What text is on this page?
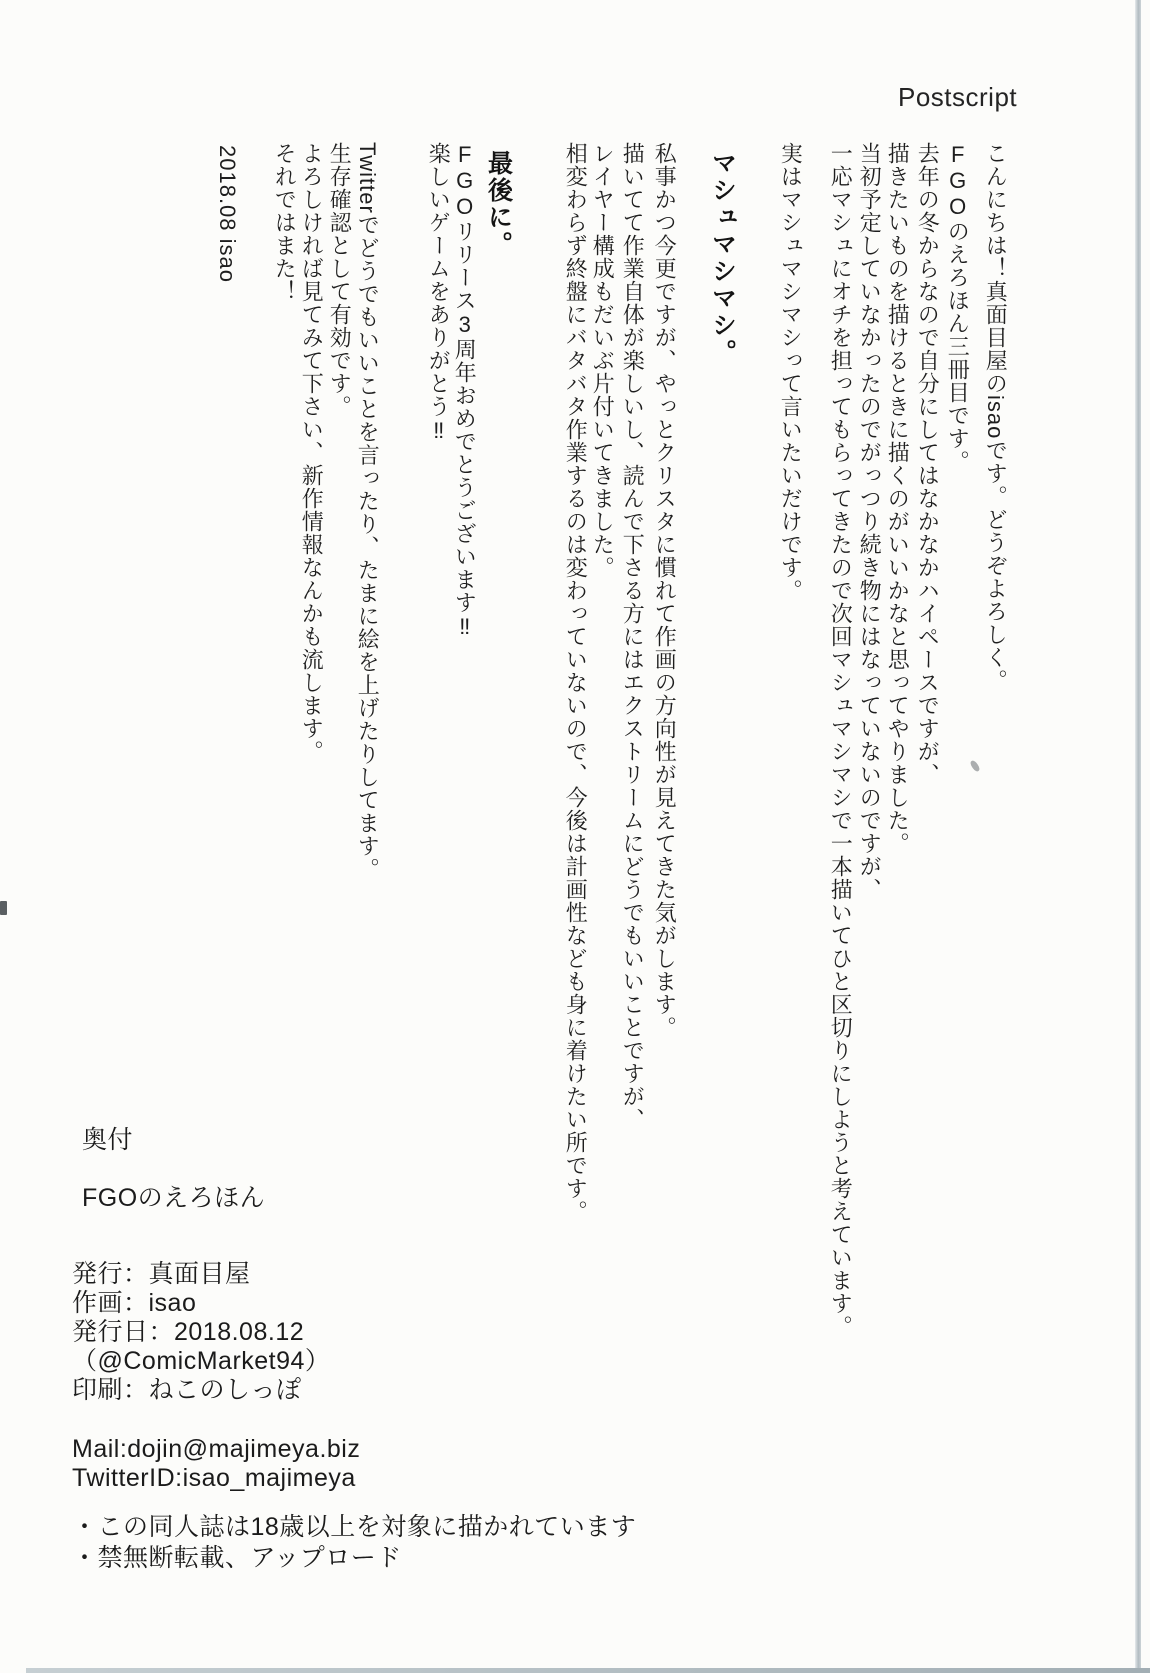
Postscript
こんにちは！真面目屋のisaoです。どうぞよろしく。
FGOのえろほん三冊目です。
去年の冬からなので自分にしてはなかなかハイペースですが、
描きたいものを描けるときに描くのがいいかなと思ってやりました。
当初予定していなかったのでがっつり続き物にはなっていないのですが、
一応マシュにオチを担ってもらってきたので次回マシュマシマシで一本描いてひと区切りにしようと考えています。
実はマシュマシマシって言いたいだけです。
マシュマシマシ。
私事かつ今更ですが、やっとクリスタに慣れて作画の方向性が見えてきた気がします。
描いてて作業自体が楽しいし、読んで下さる方にはエクストリームにどうでもいいことですが、
レイヤー構成もだいぶ片付いてきました。
相変わらず終盤にバタバタ作業するのは変わっていないので、今後は計画性なども身に着けたい所です。
最後に。
FGOリリース3周年おめでとうございます‼
楽しいゲームをありがとう‼
Twitterでどうでもいいことを言ったり、たまに絵を上げたりしてます。
生存確認として有効です。
よろしければ見てみて下さい、新作情報なんかも流します。
それではまた！
2018.08 isao
奥付
FGOのえろほん
発行：真面目屋
作画：isao
発行日：2018.08.12
（@ComicMarket94）
印刷：ねこのしっぽ
Mail:dojin@majimeya.biz
TwitterID:isao_majimeya
・この同人誌は18歳以上を対象に描かれています
・禁無断転載、アップロード
